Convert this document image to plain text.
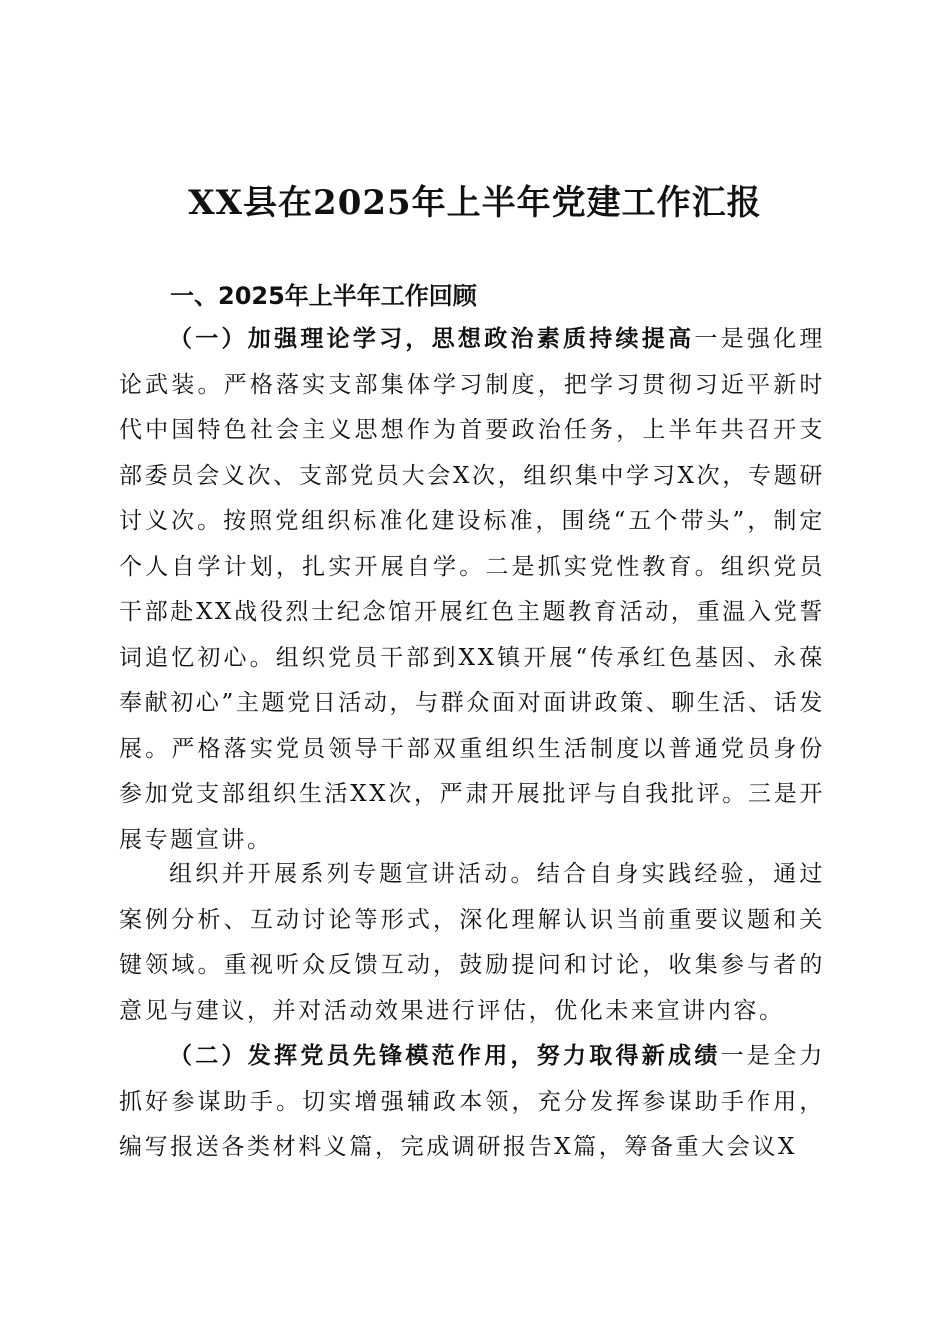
XX县在2025年上半年党建工作汇报
一、2025年上半年工作回顾

（一）加强理论学习，思想政治素质持续提高一是强化理论武装。严格落实支部集体学习制度，把学习贯彻习近平新时代中国特色社会主义思想作为首要政治任务，上半年共召开支部委员会义次、支部党员大会X次，组织集中学习X次，专题研讨义次。按照党组织标准化建设标准，围绕“五个带头”，制定个人自学计划，扎实开展自学。二是抓实党性教育。组织党员干部赴XX战役烈士纪念馆开展红色主题教育活动，重温入党誓词追忆初心。组织党员干部到XX镇开展“传承红色基因、永葆奉献初心”主题党日活动，与群众面对面讲政策、聊生活、话发展。严格落实党员领导干部双重组织生活制度以普通党员身份参加党支部组织生活XX次，严肃开展批评与自我批评。三是开展专题宣讲。

组织并开展系列专题宣讲活动。结合自身实践经验，通过案例分析、互动讨论等形式，深化理解认识当前重要议题和关键领域。重视听众反馈互动，鼓励提问和讨论，收集参与者的意见与建议，并对活动效果进行评估，优化未来宣讲内容。

（二）发挥党员先锋模范作用，努力取得新成绩一是全力抓好参谋助手。切实增强辅政本领，充分发挥参谋助手作用，编写报送各类材料义篇，完成调研报告X篇，筹备重大会议X
